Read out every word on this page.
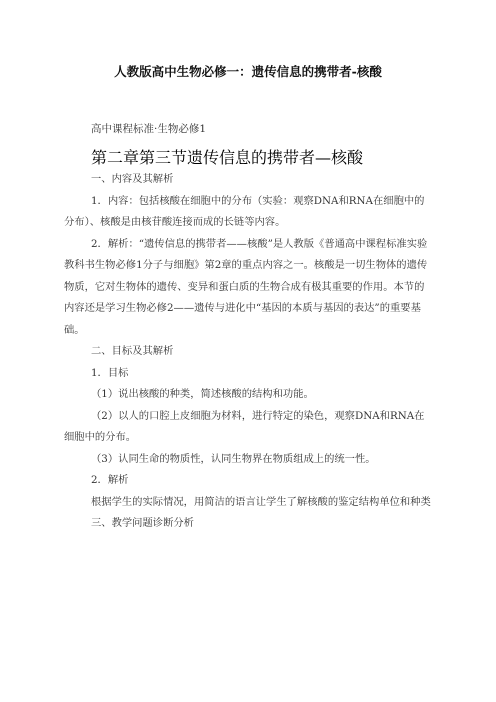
人教版高中生物必修一：遗传信息的携带者-核酸
高中课程标准·生物必修1
第二章第三节遗传信息的携带者—核酸

一、内容及其解析

1．内容：包括核酸在细胞中的分布（实验：观察DNA和RNA在细胞中的分布）、核酸是由核苷酸连接而成的长链等内容。

2．解析：“遗传信息的携带者——核酸”是人教版《普通高中课程标准实验教科书生物必修1分子与细胞》第2章的重点内容之一。核酸是一切生物体的遗传物质，它对生物体的遗传、变异和蛋白质的生物合成有极其重要的作用。本节的内容还是学习生物必修2——遗传与进化中“基因的本质与基因的表达”的重要基础。

二、目标及其解析

1．目标

（1）说出核酸的种类，简述核酸的结构和功能。

（2）以人的口腔上皮细胞为材料，进行特定的染色，观察DNA和RNA在细胞中的分布。

（3）认同生命的物质性，认同生物界在物质组成上的统一性。

2．解析

根据学生的实际情况，用简洁的语言让学生了解核酸的鉴定结构单位和种类

三、教学问题诊断分析
